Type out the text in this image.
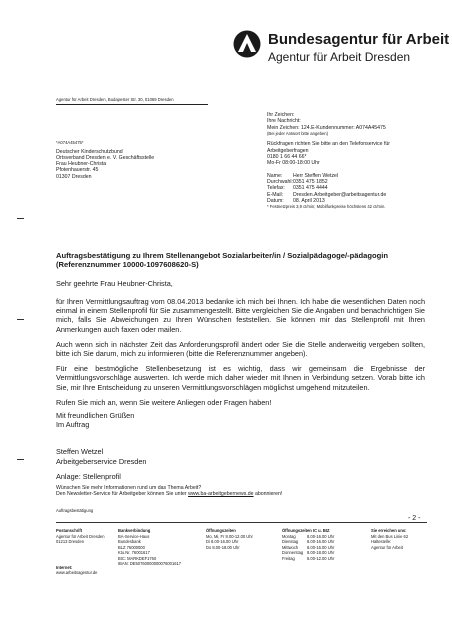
Bundesagentur für Arbeit
Agentur für Arbeit Dresden
Agentur für Arbeit Dresden, Budapester Str. 30, 01069 Dresden
*A074A45475*
Deutscher Kinderschutzbund
Ortsverband Dresden e. V. Geschäftsstelle
Frau Heubner-Christa
Pfotenhauerstr. 45
01307 Dresden
Ihr Zeichen:
Ihre Nachricht:
Mein Zeichen: 124.E-Kundennummer: A074A45475
(Bei jeder Antwort bitte angeben)
Rückfragen richten Sie bitte an den Telefonservice für
Arbeitgeberfragen
0180 1 66 44 66*
Mo-Fr 08:00-18:00 Uhr
Name:	Herr Steffen Wetzel
Durchwahl: 0351 475 1852
Telefax:	0351 475 4444
E-Mail:	Dresden.Arbeitgeber@arbeitsagentur.de
Datum:	08. April 2013
* Festnetzpreis 3,9 ct/min; Mobilfunkpreise höchstens 42 ct/min.
Auftragsbestätigung zu Ihrem Stellenangebot Sozialarbeiter/in / Sozialpädagoge/-pädagogin (Referenznummer 10000-1097608620-S)
Sehr geehrte Frau Heubner-Christa,
für Ihren Vermittlungsauftrag vom 08.04.2013 bedanke ich mich bei Ihnen. Ich habe die wesentlichen Daten noch einmal in einem Stellenprofil für Sie zusammengestellt. Bitte vergleichen Sie die Angaben und benachrichtigen Sie mich, falls Sie Abweichungen zu Ihren Wünschen feststellen. Sie können mir das Stellenprofil mit Ihren Anmerkungen auch faxen oder mailen.
Auch wenn sich in nächster Zeit das Anforderungsprofil ändert oder Sie die Stelle anderweitig vergeben sollten, bitte ich Sie darum, mich zu informieren (bitte die Referenznummer angeben).
Für eine bestmögliche Stellenbesetzung ist es wichtig, dass wir gemeinsam die Ergebnisse der Vermittlungsvorschläge auswerten. Ich werde mich daher wieder mit Ihnen in Verbindung setzen. Vorab bitte ich Sie, mir Ihre Entscheidung zu unseren Vermittlungsvorschlägen möglichst umgehend mitzuteilen.
Rufen Sie mich an, wenn Sie weitere Anliegen oder Fragen haben!
Mit freundlichen Grüßen
Im Auftrag
Steffen Wetzel
Arbeitgeberservice Dresden
Anlage: Stellenprofil
Wünschen Sie mehr Informationen rund um das Thema Arbeit?
Den Newsletter-Service für Arbeitgeber können Sie unter www.ba-arbeitgebernews.de abonnieren!
Auftragsbestätigung
- 2 -
Postanschrift
Agentur für Arbeit Dresden
01213 Dresden
Internet:
www.arbeitsagentur.de
Bankverbindung
BA-Service-Haus
Bundesbank
BLZ 76000000
Kto.Nr. 76001617
BIC: MARKDEF1760
IBAN: DE50760000000076001617
Öffnungszeiten
Mo, Mi, Fr 8.00-12.00 Uhr
Di 8.00-16.00 Uhr
Do 8.00-18.00 Uhr
Öffnungszeiten IC u. BIZ
Montag	8.00-16.00 Uhr
Dienstag	8.00-16.00 Uhr
Mittwoch	8.00-16.00 Uhr
Donnerstag 8.00-18.00 Uhr
Freitag	8.00-12.00 Uhr
Sie erreichen uns:
Mit den Bus Linie 62
Haltestelle:
Agentur für Arbeit
